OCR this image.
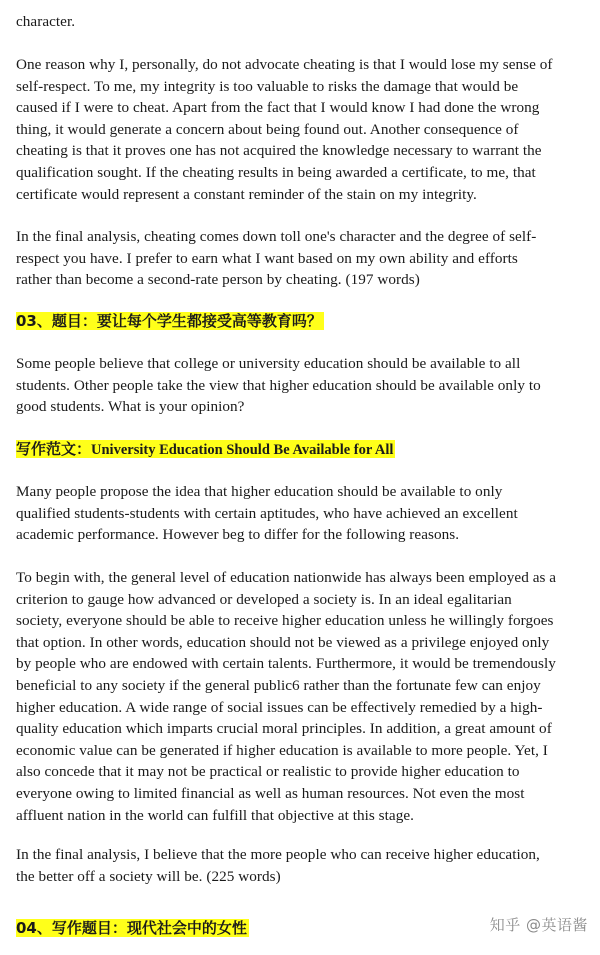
character.

One reason why I, personally, do not advocate cheating is that I would lose my sense of
self-respect. To me, my integrity is too valuable to risks the damage that would be
caused if I were to cheat. Apart from the fact that I would know I had done the wrong
thing, it would generate a concern about being found out. Another consequence of
cheating is that it proves one has not acquired the knowledge necessary to warrant the
qualification sought. If the cheating results in being awarded a certificate, to me, that
certificate would represent a constant reminder of the stain on my integrity.

In the final analysis, cheating comes down toll one's character and the degree of self-
respect you have. I prefer to earn what I want based on my own ability and efforts
rather than become a second-rate person by cheating. (197 words)

03、题目：要让每个学生都接受高等教育吗？

Some people believe that college or university education should be available to all
students. Other people take the view that higher education should be available only to
good students. What is your opinion?

写作范文：University Education Should Be Available for All

Many people propose the idea that higher education should be available to only
qualified students-students with certain aptitudes, who have achieved an excellent
academic performance. However beg to differ for the following reasons.

To begin with, the general level of education nationwide has always been employed as a
criterion to gauge how advanced or developed a society is. In an ideal egalitarian
society, everyone should be able to receive higher education unless he willingly forgoes
that option. In other words, education should not be viewed as a privilege enjoyed only
by people who are endowed with certain talents. Furthermore, it would be tremendously
beneficial to any society if the general public6 rather than the fortunate few can enjoy
higher education. A wide range of social issues can be effectively remedied by a high-
quality education which imparts crucial moral principles. In addition, a great amount of
economic value can be generated if higher education is available to more people. Yet, I
also concede that it may not be practical or realistic to provide higher education to
everyone owing to limited financial as well as human resources. Not even the most
affluent nation in the world can fulfill that objective at this stage.

In the final analysis, I believe that the more people who can receive higher education,
the better off a society will be. (225 words)

04、写作题目：现代社会中的女性	知乎 @英语酱
